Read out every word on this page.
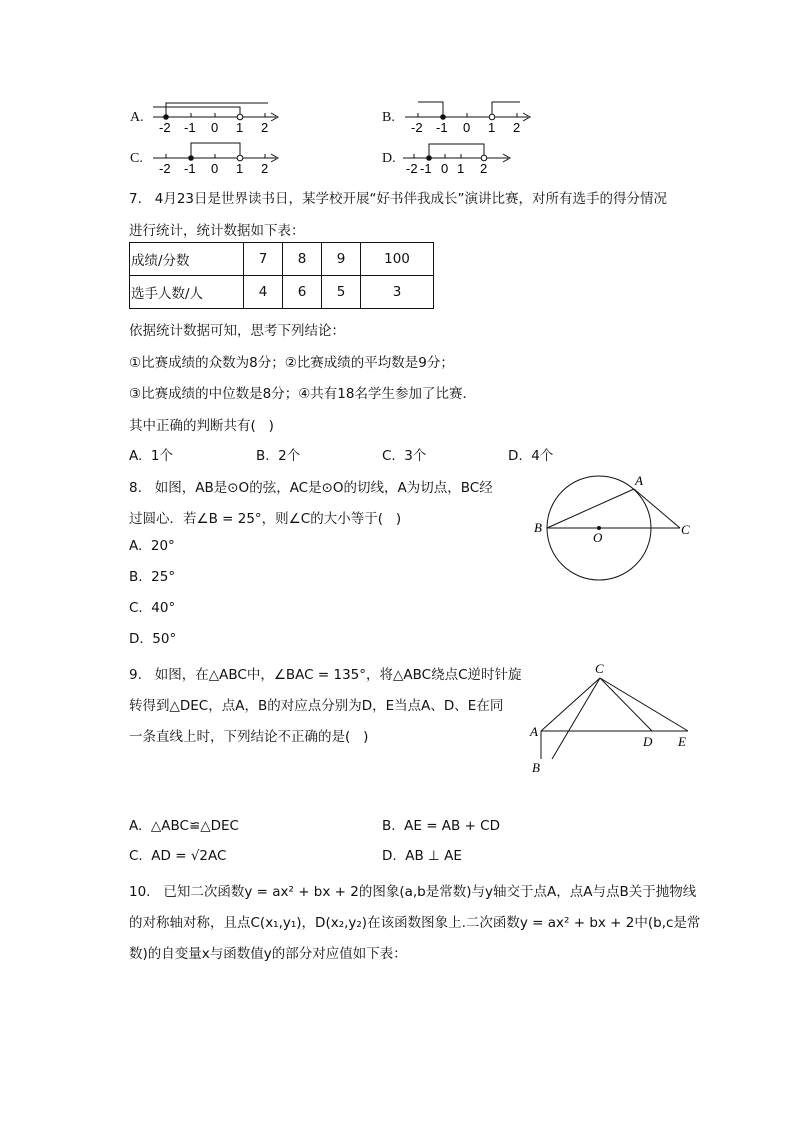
A.
-2 -1 0 1 2
B.
-2 -1 0 1 2
C.
-2 -1 0 1 2
D.
-2 -1 0 1 2
7.   4月23日是世界读书日，某学校开展“好书伴我成长”演讲比赛，对所有选手的得分情况
进行统计，统计数据如下表：
成绩/分数	7	8	9	100
选手人数/人	4	6	5	3
依据统计数据可知，思考下列结论：
①比赛成绩的众数为8分；②比赛成绩的平均数是9分；
③比赛成绩的中位数是8分；④共有18名学生参加了比赛．
其中正确的判断共有(   )
A.  1个	B.  2个	C.  3个	D.  4个
8.   如图，AB是⊙O的弦，AC是⊙O的切线，A为切点，BC经
过圆心．若∠B = 25°，则∠C的大小等于(   )
A.  20°
B.  25°
C.  40°
D.  50°
A
B	C
O
9.   如图，在△ABC中，∠BAC = 135°，将△ABC绕点C逆时针旋
转得到△DEC，点A，B的对应点分别为D，E当点A、D、E在同
一条直线上时，下列结论不正确的是(   )
C
A
D E
B
A.  △ABC≌△DEC	B.  AE = AB + CD
C.  AD = √2AC	D.  AB ⊥ AE
10.   已知二次函数y = ax² + bx + 2的图象(a,b是常数)与y轴交于点A，点A与点B关于抛物线
的对称轴对称，且点C(x₁,y₁)，D(x₂,y₂)在该函数图象上.二次函数y = ax² + bx + 2中(b,c是常
数)的自变量x与函数值y的部分对应值如下表：
